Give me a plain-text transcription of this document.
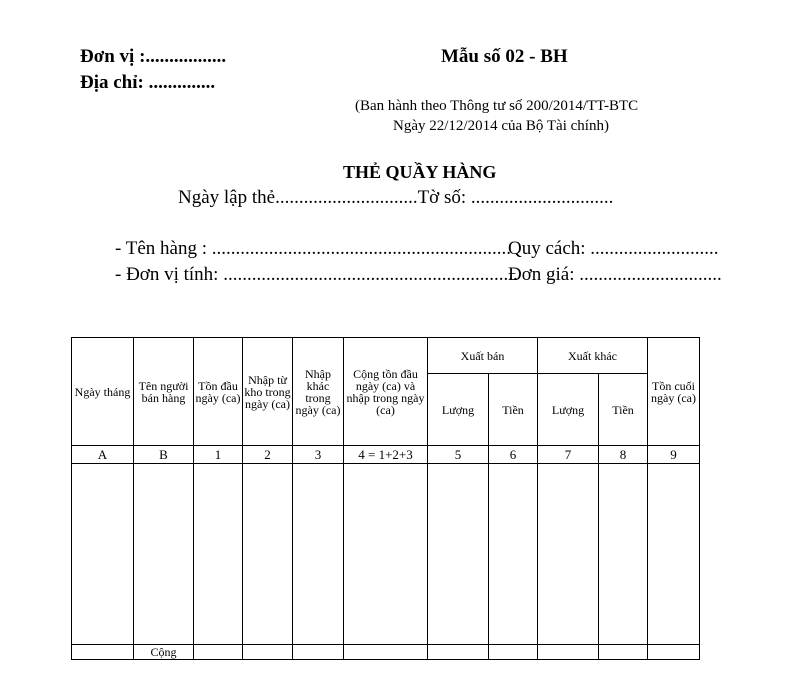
Đơn vị :.................
Địa chỉ: ..............
Mẫu số 02 - BH
(Ban hành theo Thông tư số 200/2014/TT-BTC
Ngày 22/12/2014 của Bộ Tài chính)
THẺ QUẦY HÀNG
Ngày lập thẻ..............................Tờ số: ..............................
- Tên hàng : ...............................................................
Quy cách: ...........................
- Đơn vị tính: ..............................................................
Đơn giá: ..............................
Ngày tháng	Tên người bán hàng	Tồn đầu ngày (ca)	Nhập từ kho trong ngày (ca)	Nhập khác trong ngày (ca)	Cộng tồn đầu ngày (ca) và nhập trong ngày (ca)	Xuất bán		Xuất khác		Tồn cuối ngày (ca)
						Lượng	Tiền	Lượng	Tiền	
A	B	1	2	3	4 = 1+2+3	5	6	7	8	9

	Cộng									
